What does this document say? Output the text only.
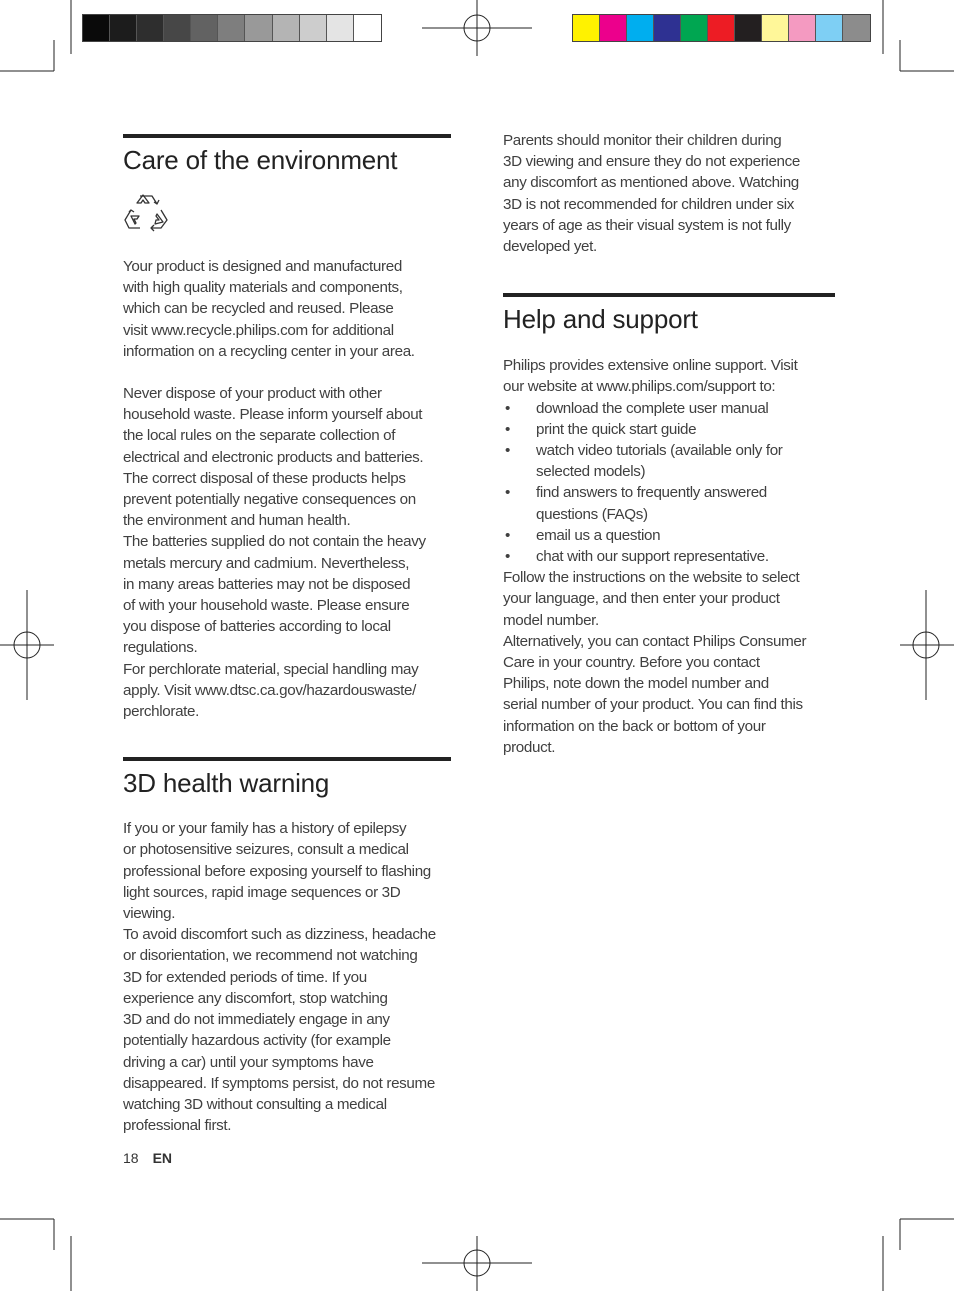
Care of the environment

Your product is designed and manufactured
with high quality materials and components,
which can be recycled and reused. Please
visit www.recycle.philips.com for additional
information on a recycling center in your area.

Never dispose of your product with other
household waste. Please inform yourself about
the local rules on the separate collection of
electrical and electronic products and batteries.
The correct disposal of these products helps
prevent potentially negative consequences on
the environment and human health.

The batteries supplied do not contain the heavy
metals mercury and cadmium. Nevertheless,
in many areas batteries may not be disposed
of with your household waste. Please ensure
you dispose of batteries according to local
regulations.

For perchlorate material, special handling may
apply. Visit www.dtsc.ca.gov/hazardouswaste/
perchlorate.

3D health warning

If you or your family has a history of epilepsy
or photosensitive seizures, consult a medical
professional before exposing yourself to flashing
light sources, rapid image sequences or 3D
viewing.

To avoid discomfort such as dizziness, headache
or disorientation, we recommend not watching
3D for extended periods of time. If you
experience any discomfort, stop watching
3D and do not immediately engage in any
potentially hazardous activity (for example
driving a car) until your symptoms have
disappeared. If symptoms persist, do not resume
watching 3D without consulting a medical
professional first.

Parents should monitor their children during
3D viewing and ensure they do not experience
any discomfort as mentioned above. Watching
3D is not recommended for children under six
years of age as their visual system is not fully
developed yet.

Help and support

Philips provides extensive online support. Visit
our website at www.philips.com/support to:

• download the complete user manual
• print the quick start guide
• watch video tutorials (available only for
selected models)
• find answers to frequently answered
questions (FAQs)
• email us a question
• chat with our support representative.

Follow the instructions on the website to select
your language, and then enter your product
model number.

Alternatively, you can contact Philips Consumer
Care in your country. Before you contact
Philips, note down the model number and
serial number of your product. You can find this
information on the back or bottom of your
product.

18 EN
